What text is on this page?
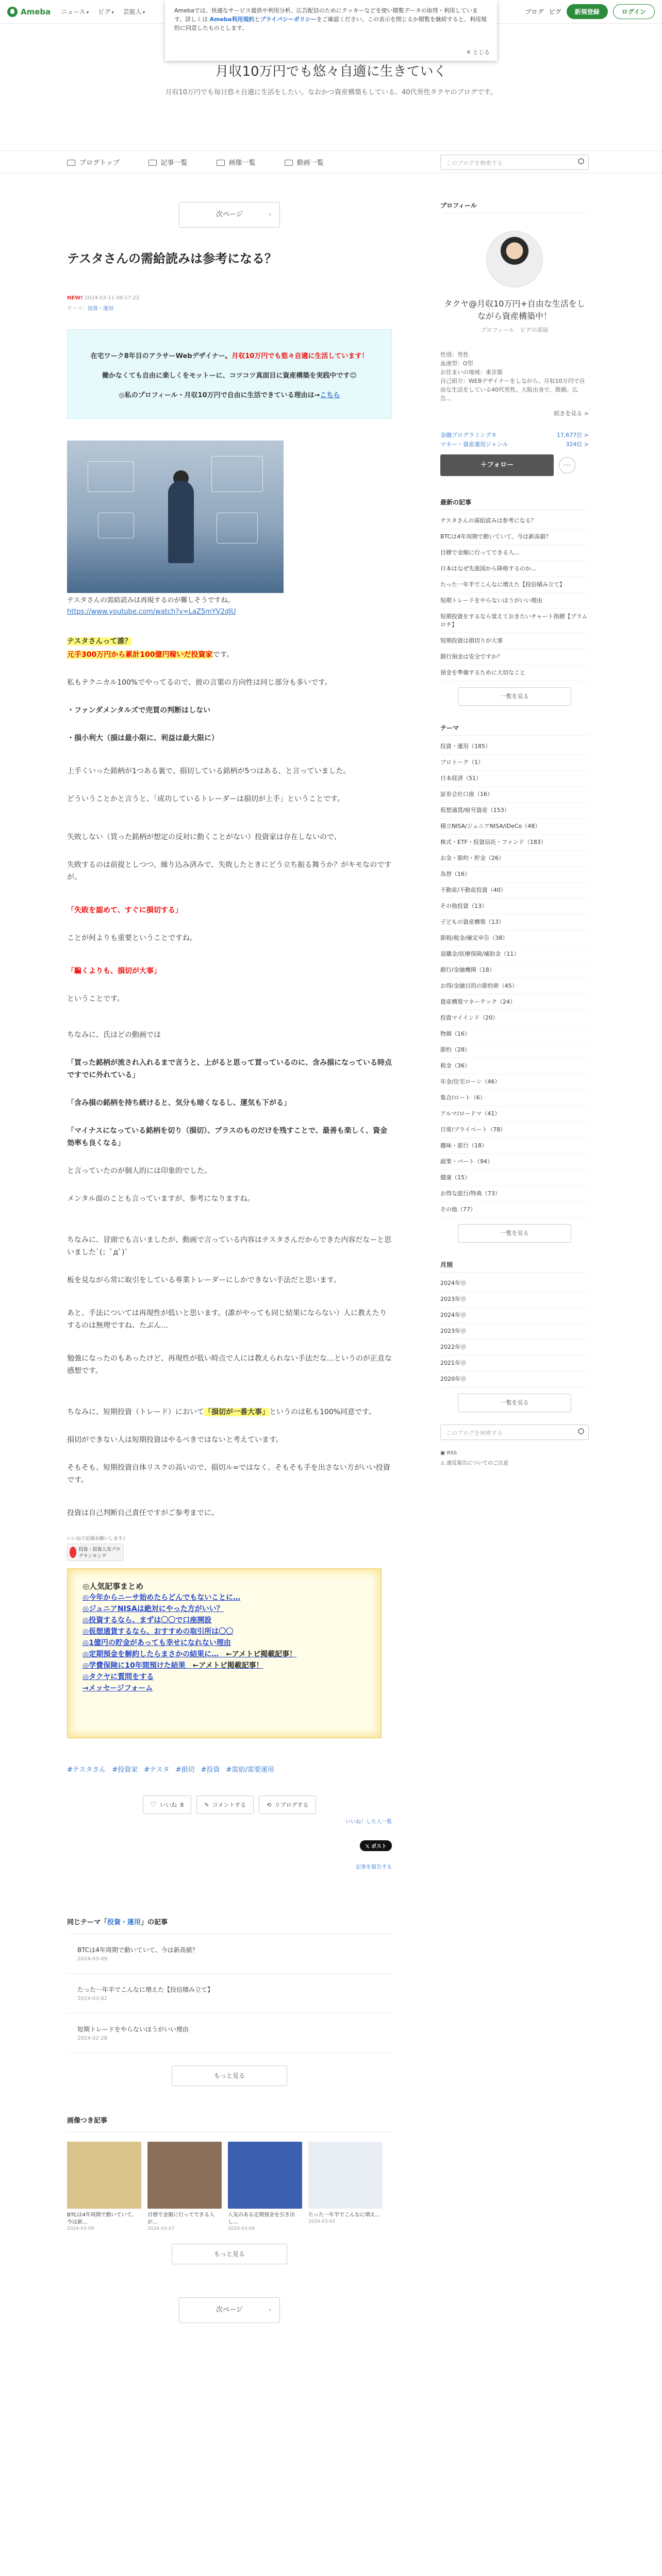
Ameba ニュース ▾ ピグ ▾ 芸能人 ▾	ブログ ピグ	新規登録	ログイン
Amebaでは、快適なサービス提供や利用分析、広告配信のためにクッキーなどを使い閲覧データの取得・利用しています。詳しくは Ameba利用規約とプライバシーポリシーをご確認ください。この表示を閉じるか閲覧を継続すると、利用規約に同意したものとします。
✕ とじる
月収10万円でも悠々自適に生きていく
月収10万円でも毎日悠々自適に生活をしたい。なおかつ資産構築もしている、40代男性タクヤのブログです。
ブログトップ	記事一覧	画像一覧	動画一覧	このブログを検索する
次ページ	›
テスタさんの需給読みは参考になる？
NEW! 2024-03-11 08:17:22
テーマ：投資・運用
在宅ワーク8年目のアラサーWebデザイナー。月収10万円でも悠々自適に生活しています！
働かなくても自由に楽しくをモットーに、コツコツ真面目に資産構築を実践中です😊
◎私のプロフィール・月収10万円で自由に生活できている理由は→こちら
テスタさんの需給読みは再現するのが難しそうですね。
https://www.youtube.com/watch?v=LaZ5mYV2dJU
テスタさんって誰？
元手300万円から累計100億円稼いだ投資家です。
私もテクニカル100%でやってるので、彼の言葉の方向性は同じ部分も多いです。
・ファンダメンタルズで売買の判断はしない
・損小利大（損は最小限に、利益は最大限に）
上手くいった銘柄が1つある裏で、損切している銘柄が5つはある、と言っていました。
どういうことかと言うと、「成功しているトレーダーは損切が上手」ということです。
失敗しない（買った銘柄が想定の反対に動くことがない）投資家は存在しないので、
失敗するのは前提としつつ、繰り込み済みで、失敗したときにどう立ち振る舞うか？がキモなのですが。
「失敗を認めて、すぐに損切する」
ことが何よりも重要ということですね。
「騙くよりも、損切が大事」
ということです。
ちなみに、氏はどの動画では
「買った銘柄が流され入れるまで言うと、上がると思って買っているのに、含み損になっている時点ですでに外れている」
「含み損の銘柄を持ち続けると、気分も暗くなるし、運気も下がる」
「マイナスになっている銘柄を切り（損切）、プラスのものだけを残すことで、最善も楽しく、資金効率も良くなる」
と言っていたのが個人的には印象的でした。
メンタル面のことも言っていますが、参考になりますね。
ちなみに、冒頭でも言いましたが、動画で言っている内容はテスタさんだからできた内容だなーと思いました`(；ﾟдﾟ)`
板を見ながら常に取引をしている専業トレーダーにしかできない手法だと思います。
あと、手法については再現性が低いと思います。(誰がやっても同じ結果にならない）人に教えたりするのは無理ですね、たぶん…
勉強になったのもあったけど、再現性が低い時点で人には教えられない手法だな…というのが正直な感想です。
ちなみに、短期投資（トレード）において「損切が一番大事」というのは私も100%同意です。
損切ができない人は短期投資はやるべきではないと考えています。
そもそも、短期投資自体リスクの高いので、損切ル=ではなく、そもそも手を出さない方がいい投資です。
投資は自己判断自己責任ですがご参考までに。
いいねで応援お願いします♪
投資・投資人気ブログランキング
◎人気記事まとめ
◎今年からニーサ始めたらどんでもないことに…
◎ジュニアNISAは絶対にやった方がいい？
◎投資するなら、まずは〇〇で口座開設
◎仮想通貨するなら、おすすめの取引所は〇〇
◎1億円の貯金があっても幸せになれない理由
◎定期預金を解約したらまさかの結果に…　 ←アメトピ掲載記事！
◎学費保険に10年間預けた結果　 ←アメトピ掲載記事！
◎タクヤに質問をする
→メッセージフォーム
#テスタさん #投資家 #テスタ #損切 #投資 #需給/需要運用
♡ いいね 8	✎ コメントする	⟲ リブログする
いいね！した人一覧
𝕏 ポスト
記事を報告する
同じテーマ「投資・運用」の記事
BTCは4年周期で動いていて、今は新高値？
2024-03-09
たった一年半でこんなに増えた【投信積み立て】
2024-03-02
短期トレードをやらないほうがいい理由
2024-02-28
もっと見る
画像つき記事
BTCは4年周期で動いていて、今は新...
2024-03-09
目標で金額に行ってできる人が...
2024-03-07
人気のある定期預金を引き出し...
2024-03-04
たった一年半でこんなに増え...
2024-03-02
もっと見る
次ページ	›
プロフィール
タクヤ@月収10万円+自由な生活をしながら資産構築中！
プロフィール　ピグの部屋
性別：男性
血液型：O型
お住まいの地域：東京都
自己紹介：WEBデザイナーをしながら、月収10万円で自由な生活をしている40代男性。大阪出身で、既婚。広告...
続きを見る >
金融プログラミングキ	17,677位 >
マネー・資産運用ジャンル	324位 >
＋フォロー	⋯
最新の記事
テスタさんの需給読みは参考になる？
BTCは4年周期で動いていて、今は新高値？
目標で金額に行ってできる人…
日本はなぜ先進国から降格するのか…
たった一年半でこんなに増えた【投信積み立て】
短期トレードをやらないほうがいい理由
短期投資をするなら覚えておきたいチャート指標【ブラムロチ】
短期投資は損切りが大事
銀行預金は安全ですか？
預金を準備するために大切なこと
一覧を見る
テーマ
投資・運用（185）
ブロトーク（1）
日本経済（51）
証券会社口座（16）
仮想通貨/暗号資産（153）
積立NISA/ジュニアNISA/iDeCo（48）
株式・ETF・投資信託・ファンド（183）
お金・節約・貯金（26）
為替（16）
不動産/不動産投資（40）
その他投資（13）
子どもの資産構築（13）
節税/税金/確定申告（38）
退職金/医療保険/補助金（11）
銀行/金融機関（18）
お得/金融目的の節約術（45）
資産構築マネーテック（24）
投資マイインド（20）
物価（16）
節約（28）
税金（36）
年金/住宅ローン（46）
集合/ロート（6）
アルマ/ロードマ（41）
日常/プライベート（78）
趣味・旅行（18）
副業・パート（94）
健康（15）
お得な旅行/特典（73）
その他（77）
一覧を見る
月別
2024年⑪
2023年⑪
2024年⑪
2023年⑪
2022年⑪
2021年⑪
2020年⑪
一覧を見る
このブログを検索する
▣ RSS
⚠ 違反報告についてのご注意
